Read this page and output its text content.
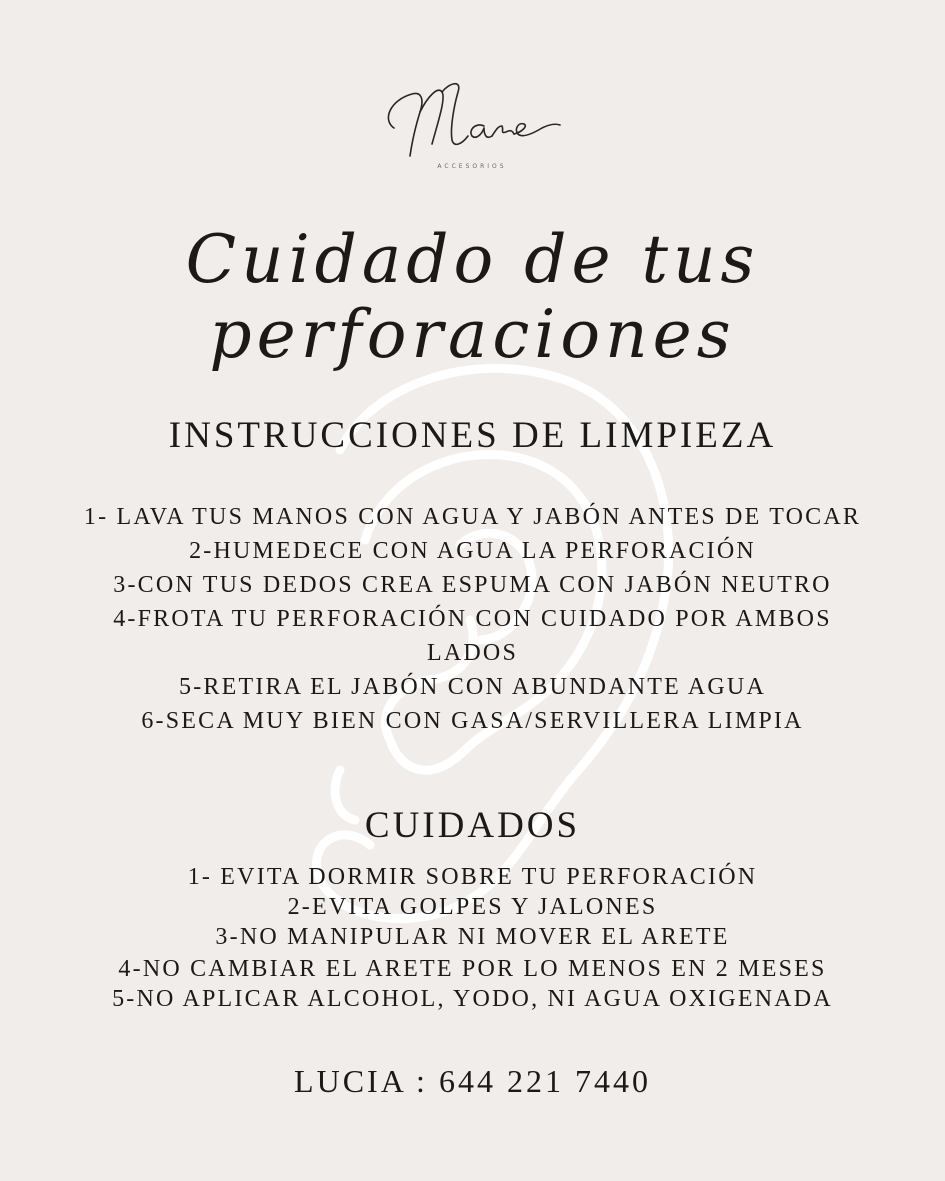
ACCESORIOS
Cuidado de tus
perforaciones
INSTRUCCIONES DE LIMPIEZA
1- LAVA TUS MANOS CON AGUA Y JABÓN ANTES DE TOCAR
2-HUMEDECE CON AGUA LA PERFORACIÓN
3-CON TUS DEDOS CREA ESPUMA CON JABÓN NEUTRO
4-FROTA TU PERFORACIÓN CON CUIDADO POR AMBOS LADOS
5-RETIRA EL JABÓN CON ABUNDANTE AGUA
6-SECA MUY BIEN CON GASA/SERVILLERA LIMPIA
CUIDADOS
1- EVITA DORMIR SOBRE TU PERFORACIÓN
2-EVITA GOLPES Y JALONES
3-NO MANIPULAR NI MOVER EL ARETE
4-NO CAMBIAR EL ARETE POR LO MENOS EN 2 MESES
5-NO APLICAR ALCOHOL, YODO, NI AGUA OXIGENADA

LUCIA : 644 221 7440
